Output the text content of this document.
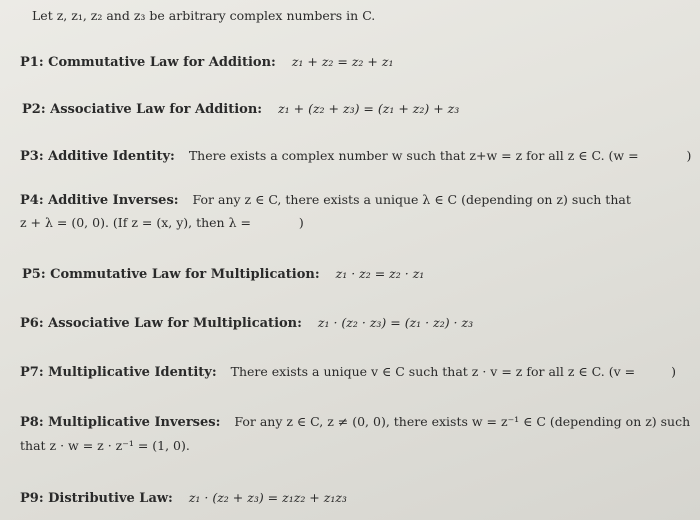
Let z, z₁, z₂ and z₃ be arbitrary complex numbers in C.
P1: Commutative Law for Addition: z₁ + z₂ = z₂ + z₁
P2: Associative Law for Addition: z₁ + (z₂ + z₃) = (z₁ + z₂) + z₃
P3: Additive Identity: There exists a complex number w such that z+w = z for all z ∈ C. (w =	)
P4: Additive Inverses: For any z ∈ C, there exists a unique λ ∈ C (depending on z) such that
z + λ = (0, 0). (If z = (x, y), then λ =	)
P5: Commutative Law for Multiplication: z₁ · z₂ = z₂ · z₁
P6: Associative Law for Multiplication: z₁ · (z₂ · z₃) = (z₁ · z₂) · z₃
P7: Multiplicative Identity: There exists a unique v ∈ C such that z · v = z for all z ∈ C. (v =	)
P8: Multiplicative Inverses: For any z ∈ C, z ≠ (0, 0), there exists w = z⁻¹ ∈ C (depending on z) such
that z · w = z · z⁻¹ = (1, 0).
P9: Distributive Law: z₁ · (z₂ + z₃) = z₁z₂ + z₁z₃
